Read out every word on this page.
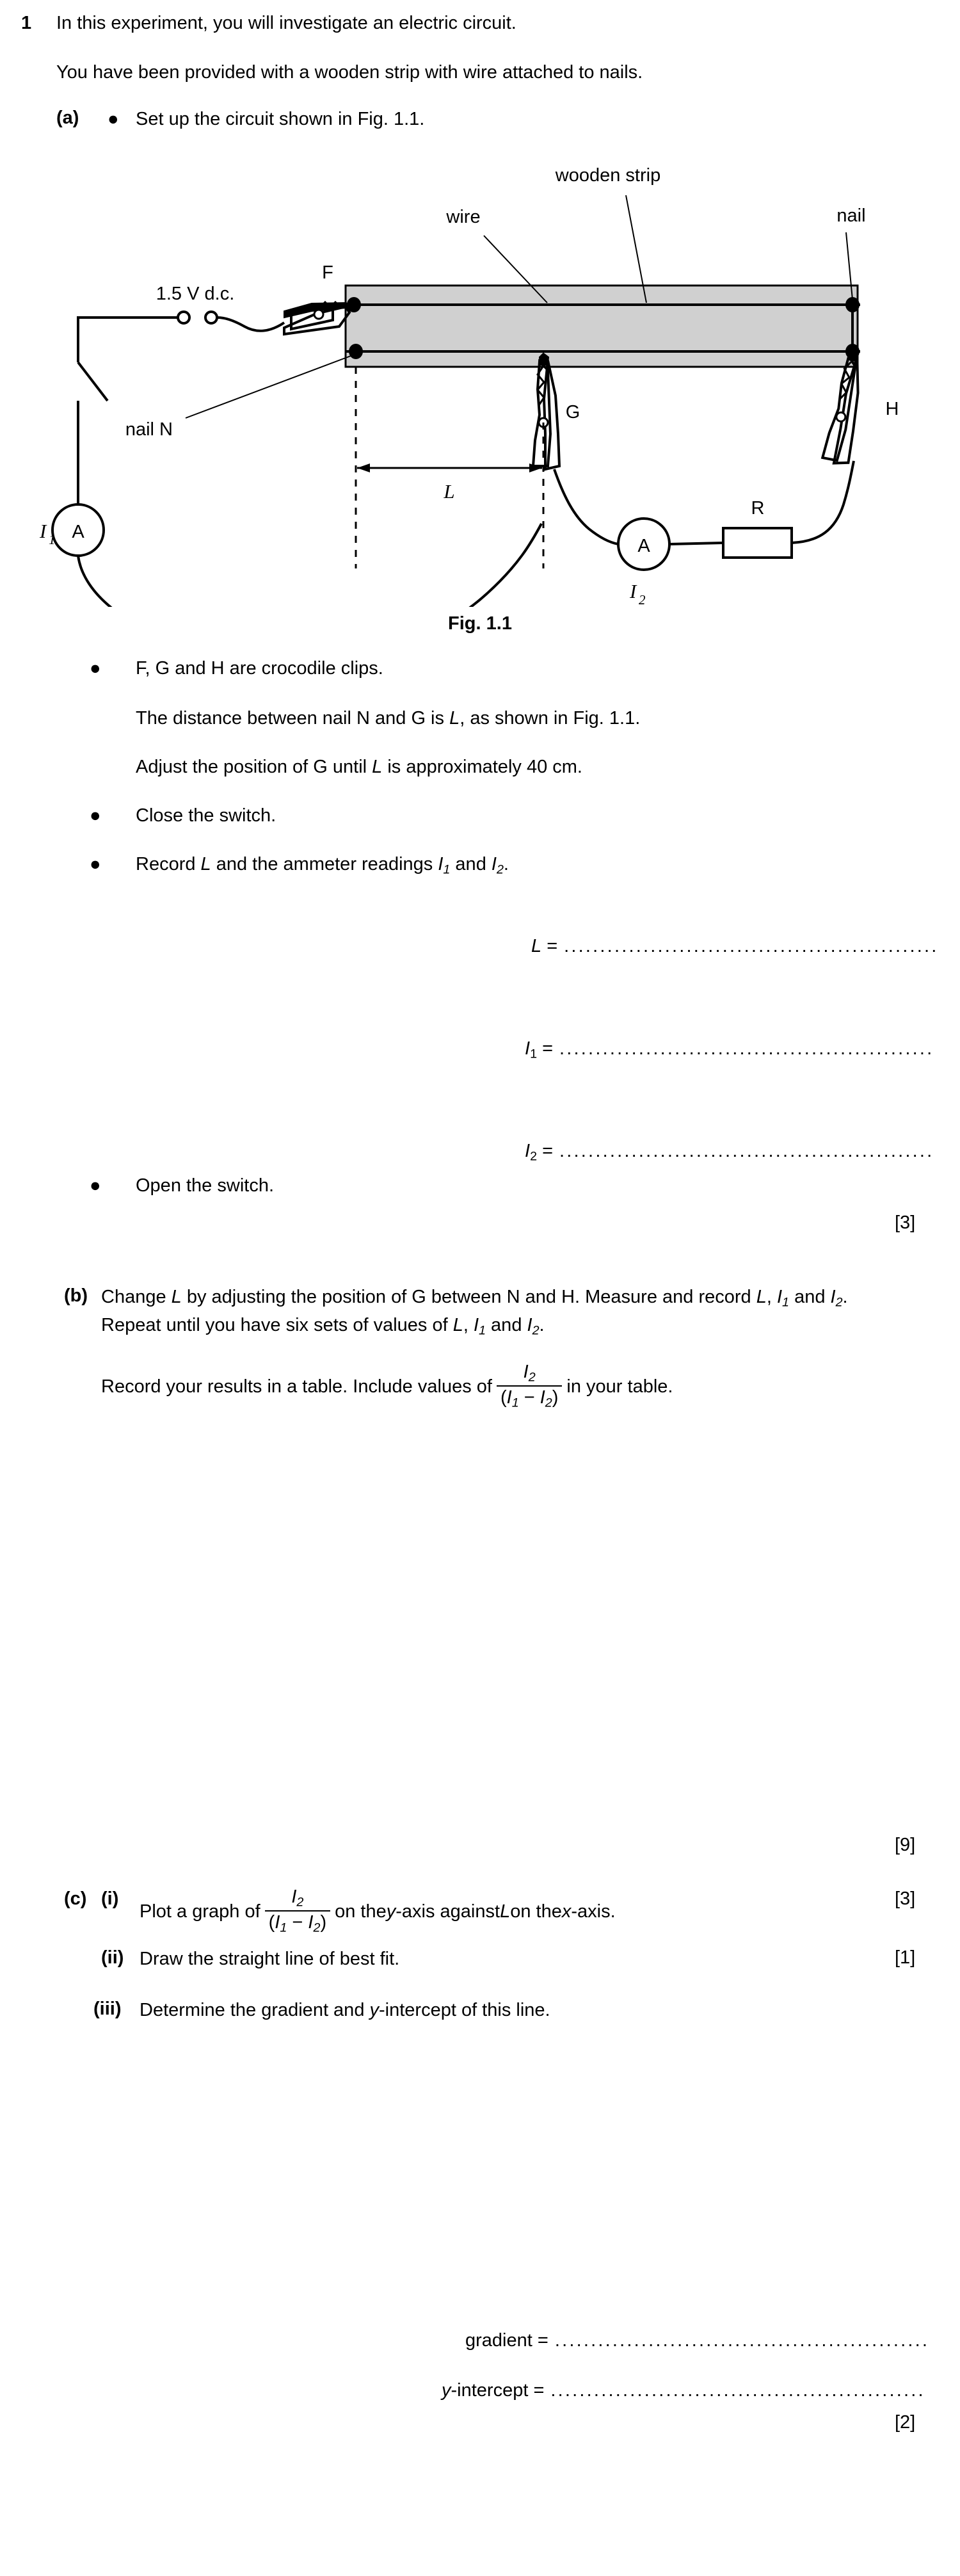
1 In this experiment, you will investigate an electric circuit.
You have been provided with a wooden strip with wire attached to nails.
(a) ● Set up the circuit shown in Fig. 1.1.
A
I 1	A
I 2
R
L
wooden strip
wire	nail
nail N
1.5 V d.c.
F
G	H
Fig. 1.1
● F, G and H are crocodile clips.
The distance between nail N and G is L, as shown in Fig. 1.1.
Adjust the position of G until L is approximately 40 cm.
● Close the switch.
● Record L and the ammeter readings $I_1$ and $I_2$.
L = ....................................................
I1 = ....................................................
I2 = ....................................................
● Open the switch.
[3]
(b) Change L by adjusting the position of G between N and H. Measure and record L, $I_1$ and $I_2$.
Repeat until you have six sets of values of L, $I_1$ and $I_2$.
Record your results in a table. Include values of $\frac{I_2}{(I_1 - I_2)}$ in your table.
[9]
(c) (i)
Plot a graph of $\frac{I_2}{(I_1 - I_2)}$ on the y -axis against L on the x -axis.
[3]
(ii) Draw the straight line of best fit.	[1]
(iii) Determine the gradient and y-intercept of this line.
gradient = ....................................................
y-intercept = ....................................................
[2]
